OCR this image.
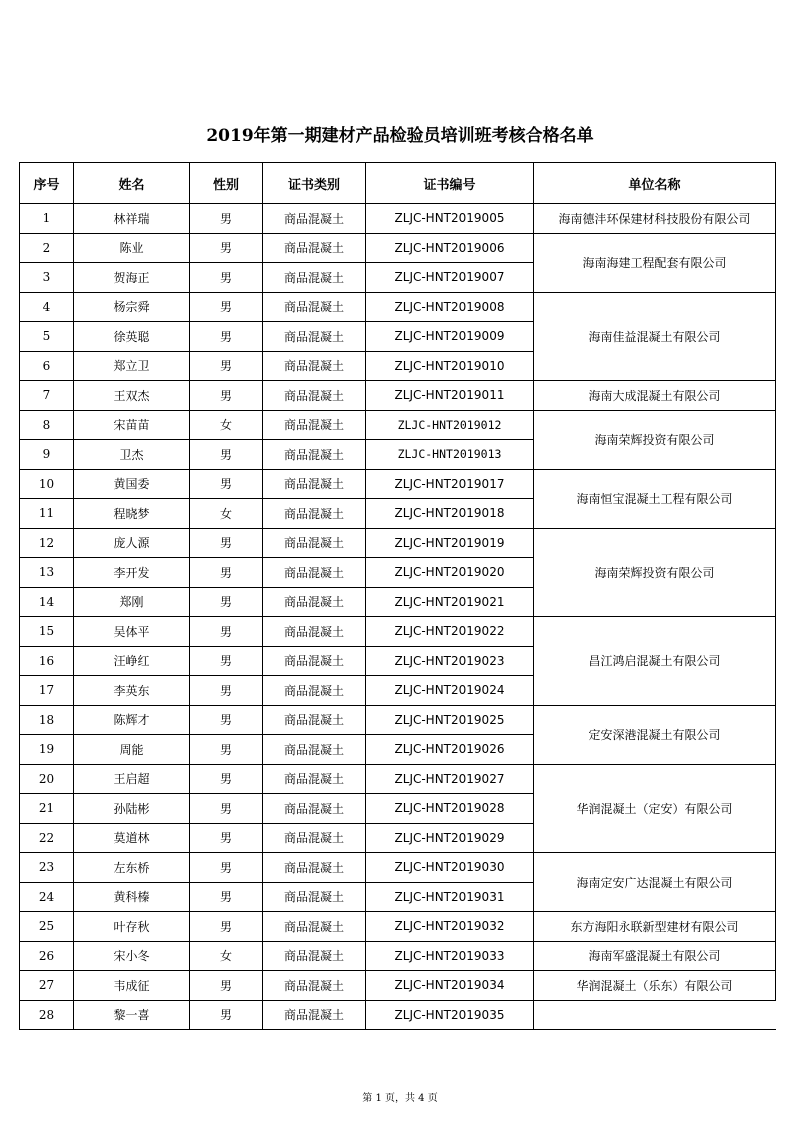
2019年第一期建材产品检验员培训班考核合格名单
序号	姓名	性别	证书类别	证书编号	单位名称
1	林祥瑞	男	商品混凝土	ZLJC-HNT2019005	海南德沣环保建材科技股份有限公司
2	陈业	男	商品混凝土	ZLJC-HNT2019006	海南海建工程配套有限公司
3	贺海正	男	商品混凝土	ZLJC-HNT2019007	
4	杨宗舜	男	商品混凝土	ZLJC-HNT2019008	海南佳益混凝土有限公司
5	徐英聪	男	商品混凝土	ZLJC-HNT2019009	
6	郑立卫	男	商品混凝土	ZLJC-HNT2019010	
7	王双杰	男	商品混凝土	ZLJC-HNT2019011	海南大成混凝土有限公司
8	宋苗苗	女	商品混凝土	ZLJC-HNT2019012	海南荣辉投资有限公司
9	卫杰	男	商品混凝土	ZLJC-HNT2019013	
10	黄国委	男	商品混凝土	ZLJC-HNT2019017	海南恒宝混凝土工程有限公司
11	程晓梦	女	商品混凝土	ZLJC-HNT2019018	
12	庞人源	男	商品混凝土	ZLJC-HNT2019019	海南荣辉投资有限公司
13	李开发	男	商品混凝土	ZLJC-HNT2019020	
14	郑刚	男	商品混凝土	ZLJC-HNT2019021	
15	吴体平	男	商品混凝土	ZLJC-HNT2019022	昌江鸿启混凝土有限公司
16	汪峥红	男	商品混凝土	ZLJC-HNT2019023	
17	李英东	男	商品混凝土	ZLJC-HNT2019024	
18	陈辉才	男	商品混凝土	ZLJC-HNT2019025	定安深港混凝土有限公司
19	周能	男	商品混凝土	ZLJC-HNT2019026	
20	王启超	男	商品混凝土	ZLJC-HNT2019027	华润混凝土（定安）有限公司
21	孙陆彬	男	商品混凝土	ZLJC-HNT2019028	
22	莫道林	男	商品混凝土	ZLJC-HNT2019029	
23	左东桥	男	商品混凝土	ZLJC-HNT2019030	海南定安广达混凝土有限公司
24	黄科榛	男	商品混凝土	ZLJC-HNT2019031	
25	叶存秋	男	商品混凝土	ZLJC-HNT2019032	东方海阳永联新型建材有限公司
26	宋小冬	女	商品混凝土	ZLJC-HNT2019033	海南军盛混凝土有限公司
27	韦成征	男	商品混凝土	ZLJC-HNT2019034	华润混凝土（乐东）有限公司
28	黎一喜	男	商品混凝土	ZLJC-HNT2019035	
第 1 页，共 4 页
